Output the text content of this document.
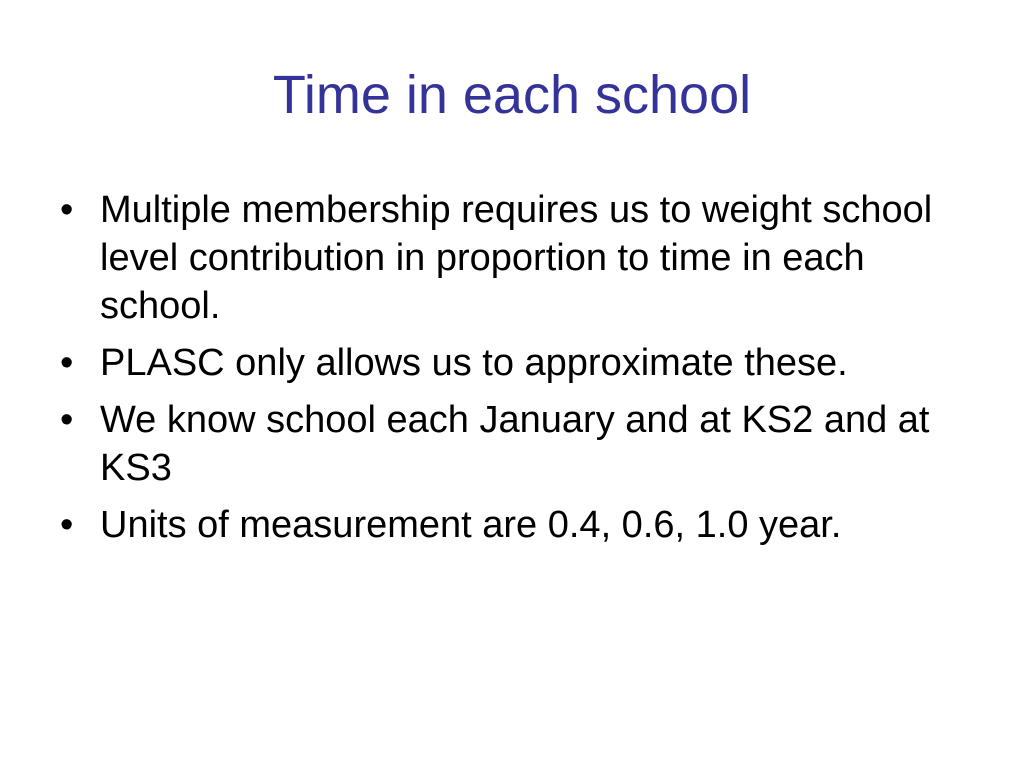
Time in each school
• Multiple membership requires us to weight school level contribution in proportion to time in each school.
• PLASC only allows us to approximate these.
• We know school each January and at KS2 and at KS3
• Units of measurement are 0.4, 0.6, 1.0 year.
